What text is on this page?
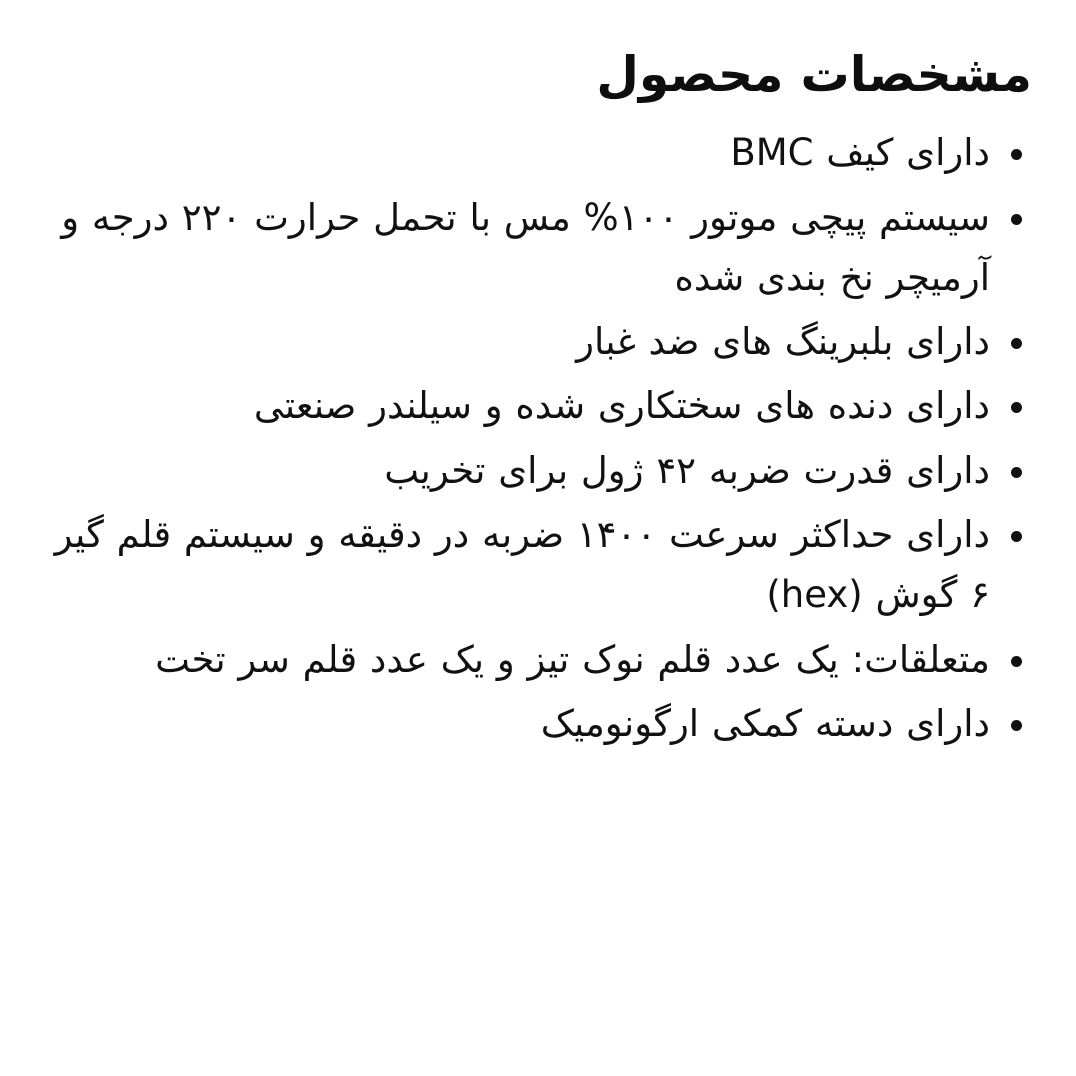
مشخصات محصول
دارای کیف BMC
سیستم پیچی موتور ۱۰۰% مس با تحمل حرارت ۲۲۰ درجه و آرمیچر نخ بندی شده
دارای بلبرینگ های ضد غبار
دارای دنده های سختکاری شده و سیلندر صنعتی
دارای قدرت ضربه ۴۲ ژول برای تخریب
دارای حداکثر سرعت ۱۴۰۰ ضربه در دقیقه و سیستم قلم گیر ۶ گوش (hex)
متعلقات: یک عدد قلم نوک تیز و یک عدد قلم سر تخت
دارای دسته کمکی ارگونومیک
